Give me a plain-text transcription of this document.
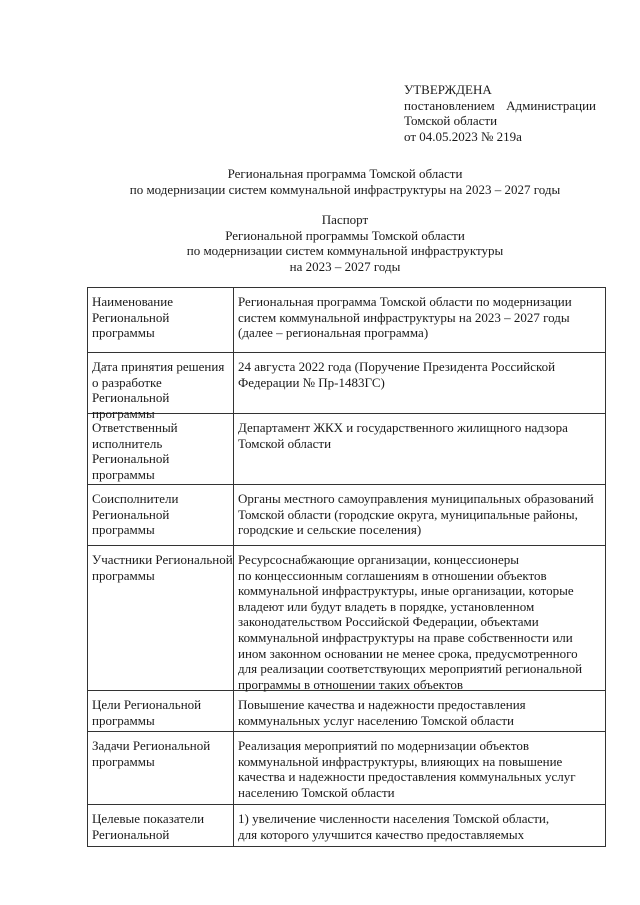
УТВЕРЖДЕНА
постановлением Администрации
Томской области
от 04.05.2023 № 219а
Региональная программа Томской области
по модернизации систем коммунальной инфраструктуры на 2023 – 2027 годы
Паспорт
Региональной программы Томской области
по модернизации систем коммунальной инфраструктуры
на 2023 – 2027 годы
Наименование
Региональной
программы
Региональная программа Томской области по модернизации
систем коммунальной инфраструктуры на 2023 – 2027 годы
(далее – региональная программа)
Дата принятия решения
о разработке
Региональной
программы
24 августа 2022 года (Поручение Президента Российской
Федерации № Пр-1483ГС)
Ответственный
исполнитель
Региональной
программы
Департамент ЖКХ и государственного жилищного надзора
Томской области
Соисполнители
Региональной
программы
Органы местного самоуправления муниципальных образований
Томской области (городские округа, муниципальные районы,
городские и сельские поселения)
Участники Региональной
программы
Ресурсоснабжающие организации, концессионеры
по концессионным соглашениям в отношении объектов
коммунальной инфраструктуры, иные организации, которые
владеют или будут владеть в порядке, установленном
законодательством Российской Федерации, объектами
коммунальной инфраструктуры на праве собственности или
ином законном основании не менее срока, предусмотренного
для реализации соответствующих мероприятий региональной
программы в отношении таких объектов
Цели Региональной
программы
Повышение качества и надежности предоставления
коммунальных услуг населению Томской области
Задачи Региональной
программы
Реализация мероприятий по модернизации объектов
коммунальной инфраструктуры, влияющих на повышение
качества и надежности предоставления коммунальных услуг
населению Томской области
Целевые показатели
Региональной
1) увеличение численности населения Томской области,
для которого улучшится качество предоставляемых
